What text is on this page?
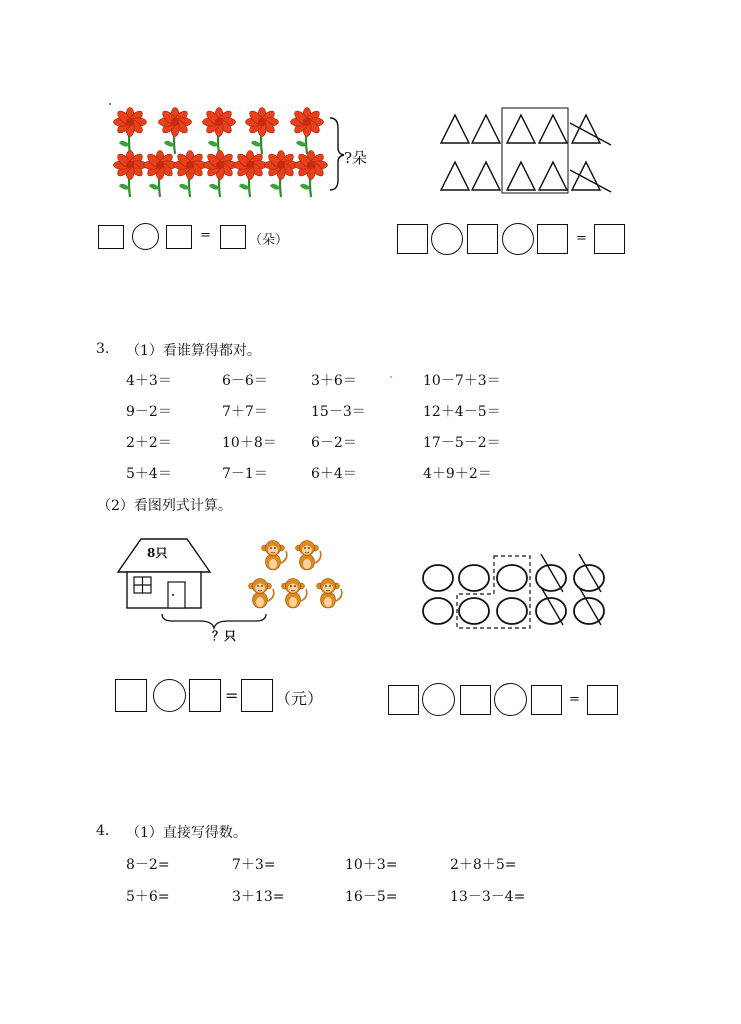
?朵
=	（朵）	=
3. （1）看谁算得都对。
4＋3＝	6－6＝	3＋6＝	10－7＋3＝
9－2＝	7＋7＝	15－3＝	12＋4－5＝
2＋2＝	10＋8＝ 6－2＝	17－5－2＝
5＋4＝	7－1＝	6＋4＝	4＋9＋2＝
（2）看图列式计算。
8只
？只
= （元）	=
4. （1）直接写得数。
8－2=	7＋3=	10＋3=	2＋8＋5=
5＋6=	3＋13=	16－5=	13－3－4=
